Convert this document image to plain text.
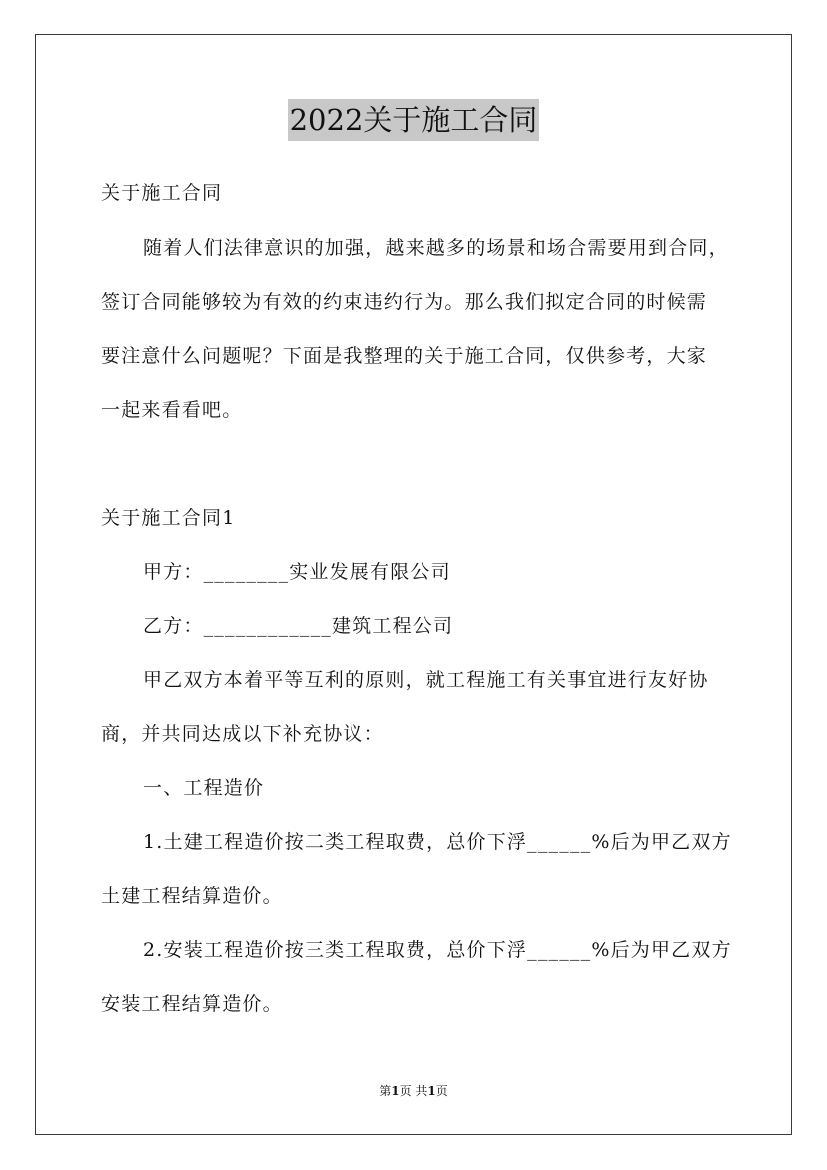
2022关于施工合同
关于施工合同
随着人们法律意识的加强，越来越多的场景和场合需要用到合同，
签订合同能够较为有效的约束违约行为。那么我们拟定合同的时候需
要注意什么问题呢？下面是我整理的关于施工合同，仅供参考，大家
一起来看看吧。
关于施工合同1
甲方：________实业发展有限公司
乙方：____________建筑工程公司
甲乙双方本着平等互利的原则，就工程施工有关事宜进行友好协
商，并共同达成以下补充协议：
一、工程造价
1.土建工程造价按二类工程取费，总价下浮______%后为甲乙双方
土建工程结算造价。
2.安装工程造价按三类工程取费，总价下浮______%后为甲乙双方
安装工程结算造价。
第1页 共1页
